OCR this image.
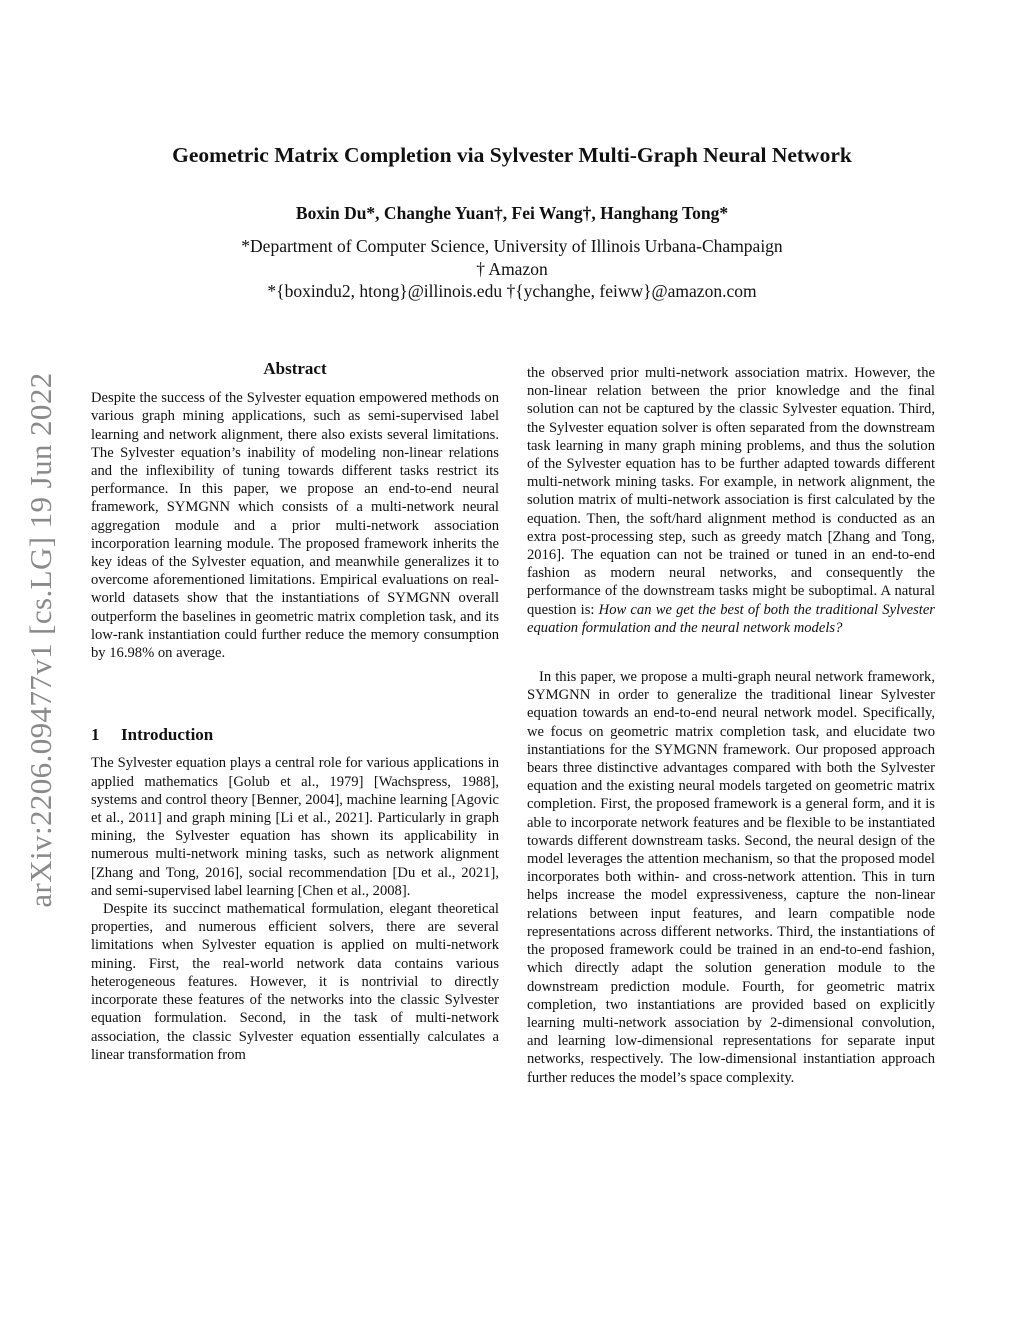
arXiv:2206.09477v1 [cs.LG] 19 Jun 2022
Geometric Matrix Completion via Sylvester Multi-Graph Neural Network
Boxin Du*, Changhe Yuan†, Fei Wang†, Hanghang Tong*
*Department of Computer Science, University of Illinois Urbana-Champaign
† Amazon
*{boxindu2, htong}@illinois.edu †{ychanghe, feiww}@amazon.com
Abstract

Despite the success of the Sylvester equation empowered methods on various graph mining applications, such as semi-supervised label learning and network alignment, there also exists several limitations. The Sylvester equation’s inability of modeling non-linear relations and the inflexibility of tuning towards different tasks restrict its performance. In this paper, we propose an end-to-end neural framework, SYMGNN which consists of a multi-network neural aggregation module and a prior multi-network association incorporation learning module. The proposed framework inherits the key ideas of the Sylvester equation, and meanwhile generalizes it to overcome aforementioned limitations. Empirical evaluations on real-world datasets show that the instantiations of SYMGNN overall outperform the baselines in geometric matrix completion task, and its low-rank instantiation could further reduce the memory consumption by 16.98% on average.

1 Introduction

The Sylvester equation plays a central role for various applications in applied mathematics [Golub et al., 1979] [Wachspress, 1988], systems and control theory [Benner, 2004], machine learning [Agovic et al., 2011] and graph mining [Li et al., 2021]. Particularly in graph mining, the Sylvester equation has shown its applicability in numerous multi-network mining tasks, such as network alignment [Zhang and Tong, 2016], social recommendation [Du et al., 2021], and semi-supervised label learning [Chen et al., 2008].

Despite its succinct mathematical formulation, elegant theoretical properties, and numerous efficient solvers, there are several limitations when Sylvester equation is applied on multi-network mining. First, the real-world network data contains various heterogeneous features. However, it is nontrivial to directly incorporate these features of the networks into the classic Sylvester equation formulation. Second, in the task of multi-network association, the classic Sylvester equation essentially calculates a linear transformation from

the observed prior multi-network association matrix. However, the non-linear relation between the prior knowledge and the final solution can not be captured by the classic Sylvester equation. Third, the Sylvester equation solver is often separated from the downstream task learning in many graph mining problems, and thus the solution of the Sylvester equation has to be further adapted towards different multi-network mining tasks. For example, in network alignment, the solution matrix of multi-network association is first calculated by the equation. Then, the soft/hard alignment method is conducted as an extra post-processing step, such as greedy match [Zhang and Tong, 2016]. The equation can not be trained or tuned in an end-to-end fashion as modern neural networks, and consequently the performance of the downstream tasks might be suboptimal. A natural question is: How can we get the best of both the traditional Sylvester equation formulation and the neural network models?

In this paper, we propose a multi-graph neural network framework, SYMGNN in order to generalize the traditional linear Sylvester equation towards an end-to-end neural network model. Specifically, we focus on geometric matrix completion task, and elucidate two instantiations for the SYMGNN framework. Our proposed approach bears three distinctive advantages compared with both the Sylvester equation and the existing neural models targeted on geometric matrix completion. First, the proposed framework is a general form, and it is able to incorporate network features and be flexible to be instantiated towards different downstream tasks. Second, the neural design of the model leverages the attention mechanism, so that the proposed model incorporates both within- and cross-network attention. This in turn helps increase the model expressiveness, capture the non-linear relations between input features, and learn compatible node representations across different networks. Third, the instantiations of the proposed framework could be trained in an end-to-end fashion, which directly adapt the solution generation module to the downstream prediction module. Fourth, for geometric matrix completion, two instantiations are provided based on explicitly learning multi-network association by 2-dimensional convolution, and learning low-dimensional representations for separate input networks, respectively. The low-dimensional instantiation approach further reduces the model’s space complexity.
